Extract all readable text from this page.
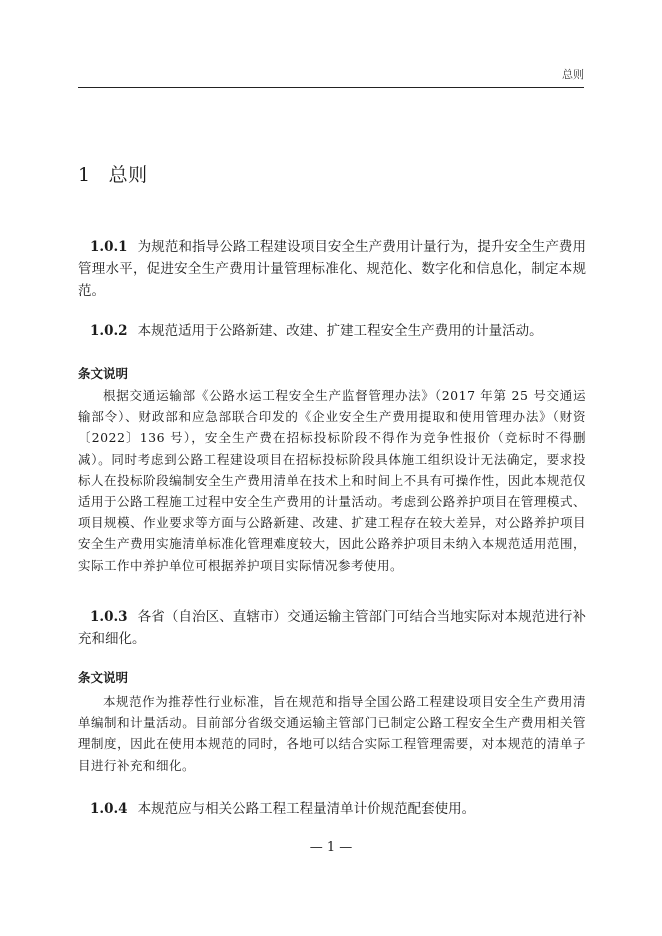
总则
1 总则
1.0.1 为规范和指导公路工程建设项目安全生产费用计量行为，提升安全生产费用管理水平，促进安全生产费用计量管理标准化、规范化、数字化和信息化，制定本规范。
1.0.2 本规范适用于公路新建、改建、扩建工程安全生产费用的计量活动。
条文说明
根据交通运输部《公路水运工程安全生产监督管理办法》（2017 年第 25 号交通运输部令）、财政部和应急部联合印发的《企业安全生产费用提取和使用管理办法》（财资〔2022〕136 号），安全生产费在招标投标阶段不得作为竞争性报价（竞标时不得删减）。同时考虑到公路工程建设项目在招标投标阶段具体施工组织设计无法确定，要求投标人在投标阶段编制安全生产费用清单在技术上和时间上不具有可操作性，因此本规范仅适用于公路工程施工过程中安全生产费用的计量活动。考虑到公路养护项目在管理模式、项目规模、作业要求等方面与公路新建、改建、扩建工程存在较大差异，对公路养护项目安全生产费用实施清单标准化管理难度较大，因此公路养护项目未纳入本规范适用范围，实际工作中养护单位可根据养护项目实际情况参考使用。
1.0.3 各省（自治区、直辖市）交通运输主管部门可结合当地实际对本规范进行补充和细化。
条文说明
本规范作为推荐性行业标准，旨在规范和指导全国公路工程建设项目安全生产费用清单编制和计量活动。目前部分省级交通运输主管部门已制定公路工程安全生产费用相关管理制度，因此在使用本规范的同时，各地可以结合实际工程管理需要，对本规范的清单子目进行补充和细化。
1.0.4 本规范应与相关公路工程工程量清单计价规范配套使用。
— 1 —
